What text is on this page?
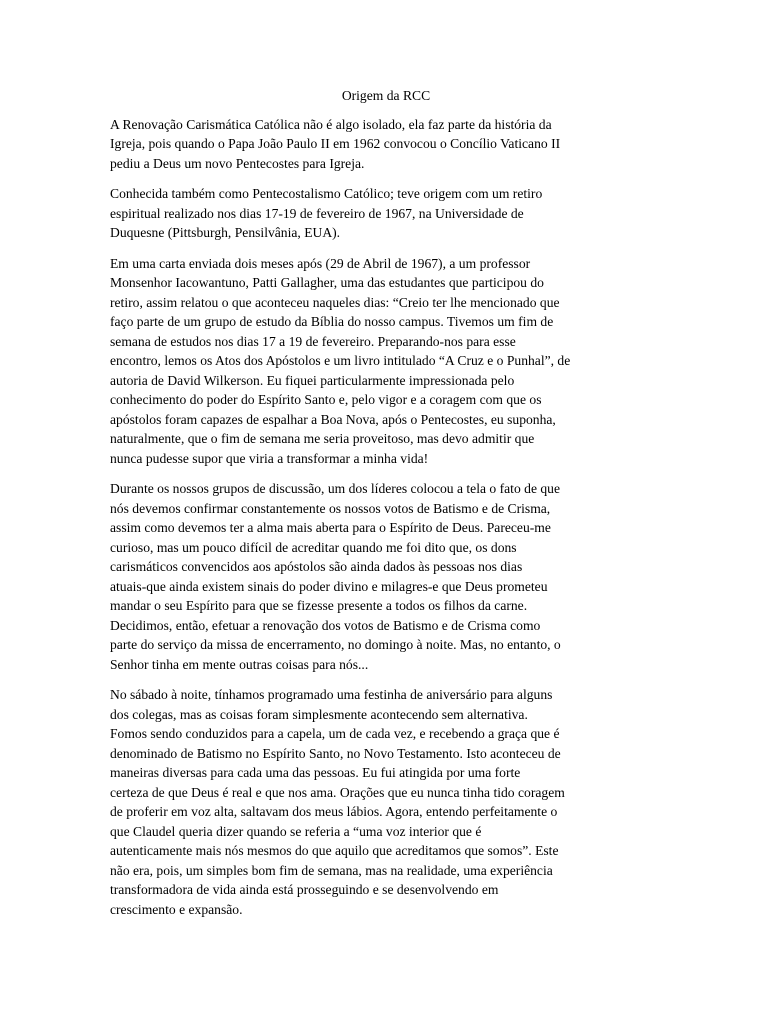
Origem da RCC

A Renovação Carismática Católica não é algo isolado, ela faz parte da história da
Igreja, pois quando o Papa João Paulo II em 1962 convocou o Concílio Vaticano II
pediu a Deus um novo Pentecostes para Igreja.

Conhecida também como Pentecostalismo Católico; teve origem com um retiro
espiritual realizado nos dias 17-19 de fevereiro de 1967, na Universidade de
Duquesne (Pittsburgh, Pensilvânia, EUA).

Em uma carta enviada dois meses após (29 de Abril de 1967), a um professor
Monsenhor Iacowantuno, Patti Gallagher, uma das estudantes que participou do
retiro, assim relatou o que aconteceu naqueles dias: “Creio ter lhe mencionado que
faço parte de um grupo de estudo da Bíblia do nosso campus. Tivemos um fim de
semana de estudos nos dias 17 a 19 de fevereiro. Preparando-nos para esse
encontro, lemos os Atos dos Apóstolos e um livro intitulado “A Cruz e o Punhal”, de
autoria de David Wilkerson. Eu fiquei particularmente impressionada pelo
conhecimento do poder do Espírito Santo e, pelo vigor e a coragem com que os
apóstolos foram capazes de espalhar a Boa Nova, após o Pentecostes, eu suponha,
naturalmente, que o fim de semana me seria proveitoso, mas devo admitir que
nunca pudesse supor que viria a transformar a minha vida!

Durante os nossos grupos de discussão, um dos líderes colocou a tela o fato de que
nós devemos confirmar constantemente os nossos votos de Batismo e de Crisma,
assim como devemos ter a alma mais aberta para o Espírito de Deus. Pareceu-me
curioso, mas um pouco difícil de acreditar quando me foi dito que, os dons
carismáticos convencidos aos apóstolos são ainda dados às pessoas nos dias
atuais-que ainda existem sinais do poder divino e milagres-e que Deus prometeu
mandar o seu Espírito para que se fizesse presente a todos os filhos da carne.
Decidimos, então, efetuar a renovação dos votos de Batismo e de Crisma como
parte do serviço da missa de encerramento, no domingo à noite. Mas, no entanto, o
Senhor tinha em mente outras coisas para nós...

No sábado à noite, tínhamos programado uma festinha de aniversário para alguns
dos colegas, mas as coisas foram simplesmente acontecendo sem alternativa.
Fomos sendo conduzidos para a capela, um de cada vez, e recebendo a graça que é
denominado de Batismo no Espírito Santo, no Novo Testamento. Isto aconteceu de
maneiras diversas para cada uma das pessoas. Eu fui atingida por uma forte
certeza de que Deus é real e que nos ama. Orações que eu nunca tinha tido coragem
de proferir em voz alta, saltavam dos meus lábios. Agora, entendo perfeitamente o
que Claudel queria dizer quando se referia a “uma voz interior que é
autenticamente mais nós mesmos do que aquilo que acreditamos que somos”. Este
não era, pois, um simples bom fim de semana, mas na realidade, uma experiência
transformadora de vida ainda está prosseguindo e se desenvolvendo em
crescimento e expansão.
